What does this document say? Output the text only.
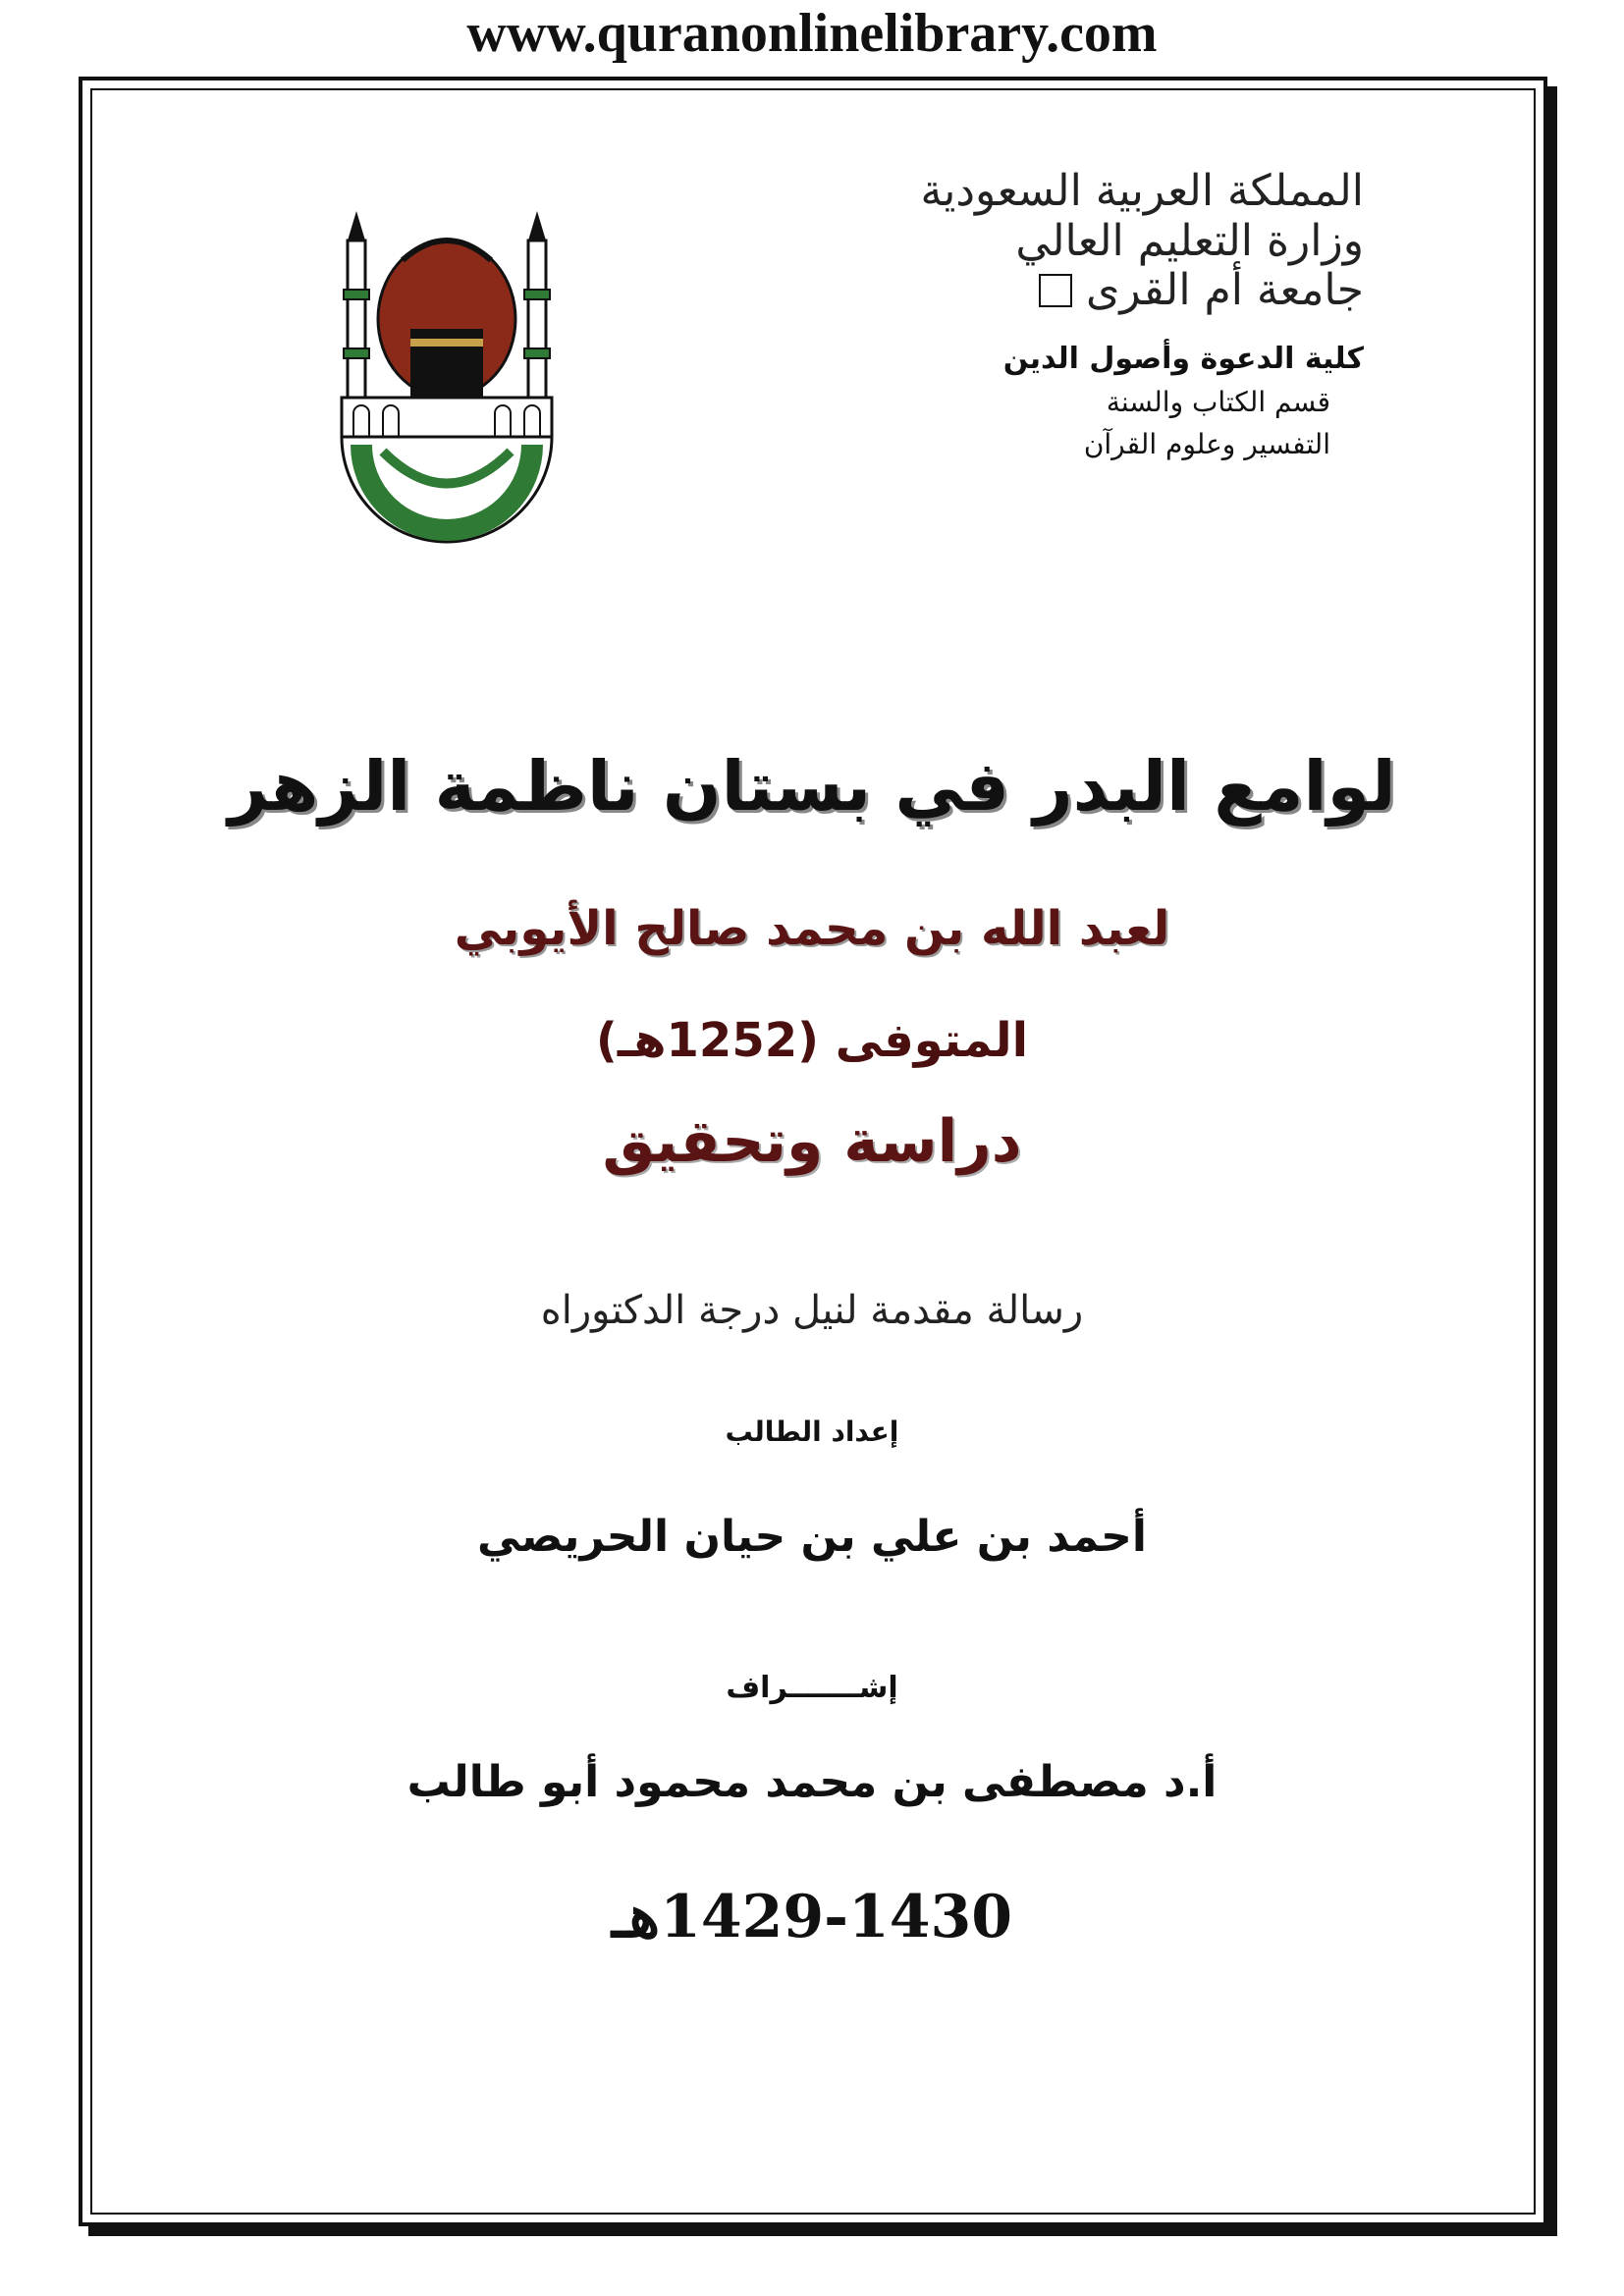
www.quranonlinelibrary.com
المملكة العربية السعودية
وزارة التعليم العالي
جامعة أم القرى
كلية الدعوة وأصول الدين
قسم الكتاب والسنة
التفسير وعلوم القرآن
لوامع البدر في بستان ناظمة الزهر
لعبد الله بن محمد صالح الأيوبي
المتوفى (1252هـ)
دراسة وتحقيق
رسالة مقدمة لنيل درجة الدكتوراه
إعداد الطالب
أحمد بن علي بن حيان الحريصي
إشـــــــراف
أ.د مصطفى بن محمد محمود أبو طالب
1429-1430هـ
